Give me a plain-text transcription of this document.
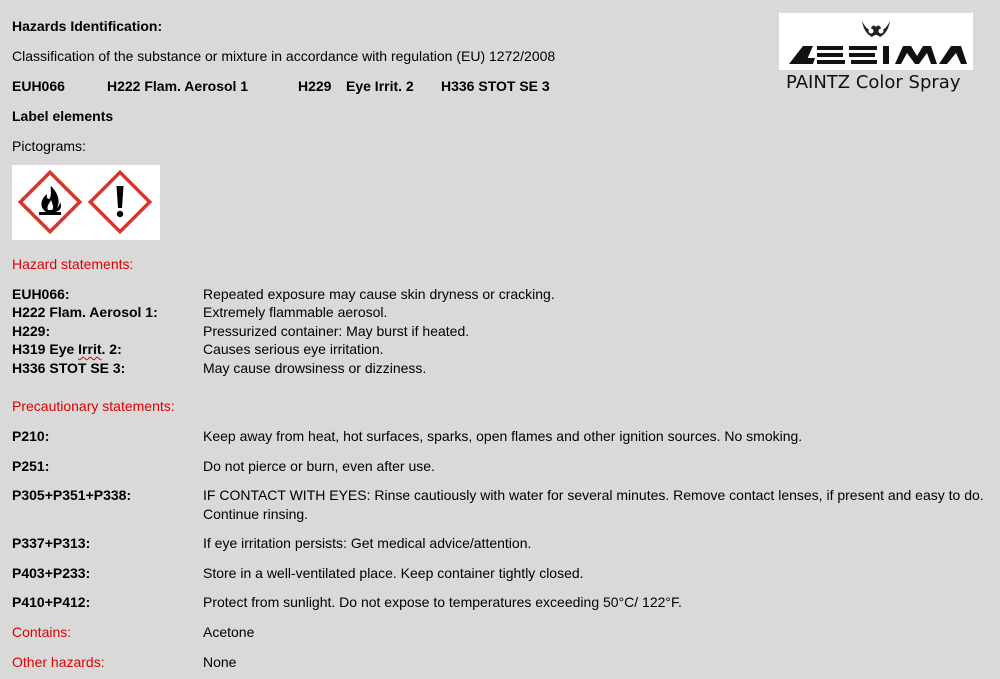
Hazards Identification:
Classification of the substance or mixture in accordance with regulation (EU) 1272/2008
EUH066	H222 Flam. Aerosol 1	H229 Eye Irrit. 2 H336 STOT SE 3
Label elements
Pictograms:
PAINTZ Color Spray
Hazard statements:
EUH066:	Repeated exposure may cause skin dryness or cracking.
H222 Flam. Aerosol 1:	Extremely flammable aerosol.
H229:	Pressurized container: May burst if heated.
H319 Eye Irrit. 2:	Causes serious eye irritation.
H336 STOT SE 3:	May cause drowsiness or dizziness.
Precautionary statements:
P210:	Keep away from heat, hot surfaces, sparks, open flames and other ignition sources. No smoking.
P251:	Do not pierce or burn, even after use.
P305+P351+P338:	IF CONTACT WITH EYES: Rinse cautiously with water for several minutes. Remove contact lenses, if present and easy to do.
Continue rinsing.
P337+P313:	If eye irritation persists: Get medical advice/attention.
P403+P233:	Store in a well-ventilated place. Keep container tightly closed.
P410+P412:	Protect from sunlight. Do not expose to temperatures exceeding 50°C/ 122°F.
Contains:	Acetone
Other hazards:	None
